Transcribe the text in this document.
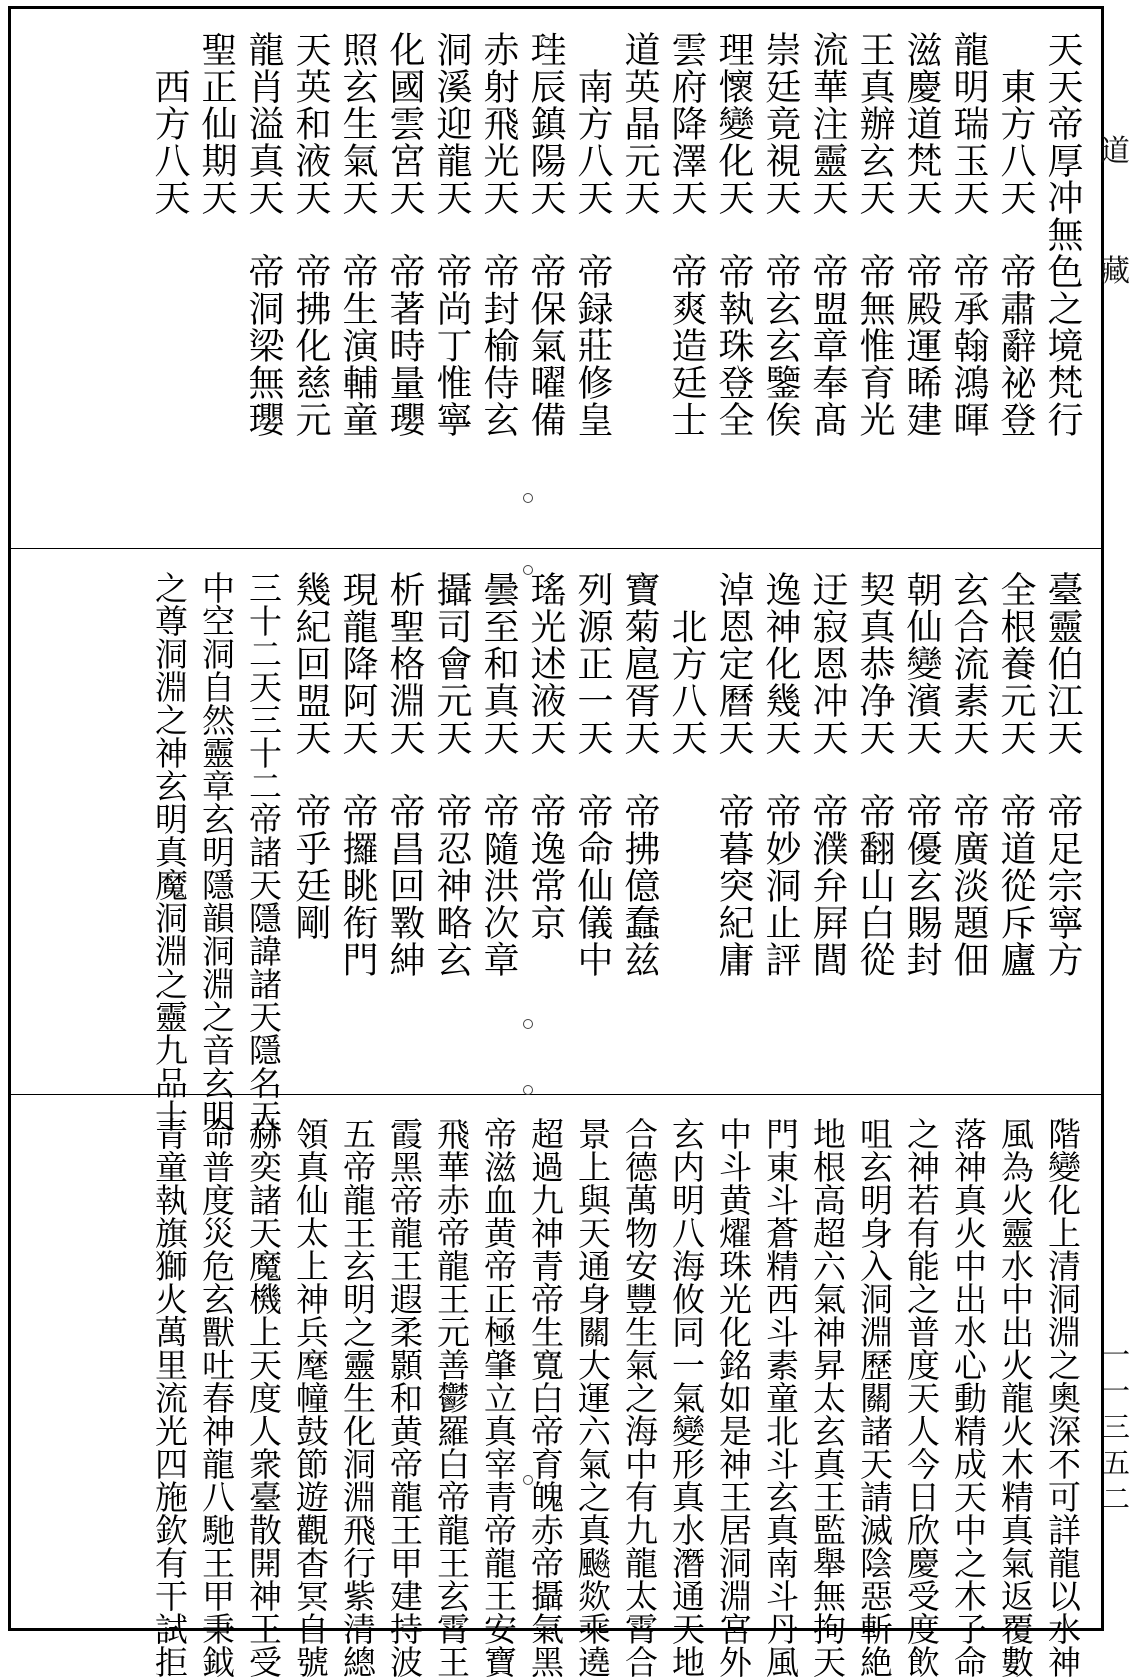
天天帝厚冲無色之境梵行
　東方八天　帝肅辭祕登
龍明瑞玉天　帝承翰鴻暉
滋慶道梵天　帝殿運晞建
王真辦玄天　帝無惟育光
流華注靈天　帝盟章奉髙
崇廷竟視天　帝玄玄鑒俟
理懷變化天　帝執珠登全
雲府降澤天　帝爽造廷士
道英晶元天
　南方八天　帝録莊修皇
珪辰鎮陽天　帝保氣曜備
赤射飛光天　帝封榆侍玄
洞溪迎龍天　帝尚丁惟寧
化國雲宮天　帝著時量瓔
照玄生氣天　帝生演輔童
天英和液天　帝拂化慈元
龍肖溢真天　帝洞梁無瓔
聖正仙期天
　西方八天
臺靈伯江天　帝足宗寧方
全根養元天　帝道從斥廬
玄合流素天　帝廣淡題佃
朝仙變濱天　帝優玄賜封
契真恭净天　帝翻山白從
迂寂恩冲天　帝濮弁屛閭
逸神化幾天　帝妙洞止評
淖恩定曆天　帝暮突紀庸
　北方八天
寶菊扈胥天　帝拂億蠢兹
列源正一天　帝命仙儀中
瑤光述液天　帝逸常京
曇至和真天　帝隨洪次章
攝司會元天　帝忍神略玄
析聖格淵天　帝昌回斁紳
現龍降阿天　帝攞眺衔門
幾紀回盟天　帝乎廷剛
三十二天三十二帝諸天隱諱諸天隱名天
中空洞自然靈章玄明隱韻洞淵之音玄明
之尊洞淵之神玄明真魔洞淵之靈九品十
階變化上清洞淵之奧深不可詳龍以水神
風為火靈水中出火龍火木精真氣返覆數
落神真火中出水心動精成天中之木子命
之神若有能之普度天人今日欣慶受度飲
咀玄明身入洞淵歷關諸天請滅陰惡斬絶
地根高超六氣神昇太玄真王監舉無拘天
門東斗蒼精西斗素童北斗玄真南斗丹風
中斗黄燿珠光化銘如是神王居洞淵宮外
玄内明八海攸同一氣變形真水潛通天地
合德萬物安豐生氣之海中有九龍太霄合
景上與天通身關大運六氣之真飈欻乘遶
超過九神青帝生寬白帝育魄赤帝攝氣黑
帝滋血黄帝正極肇立真宰青帝龍王安寶
飛華赤帝龍王元善鬱羅白帝龍王玄霄王
霞黑帝龍王遐柔顥和黄帝龍王甲建持波
五帝龍王玄明之靈生化洞淵飛行紫清總
領真仙太上神兵麾幢鼓節遊觀杳冥自號
赫奕諸天魔機上天度人衆臺散開神王受
命普度災危玄獸吐春神龍八馳王甲秉鉞
青童執旗獅火萬里流光四施欽有干試拒
道
藏
一一三五二
